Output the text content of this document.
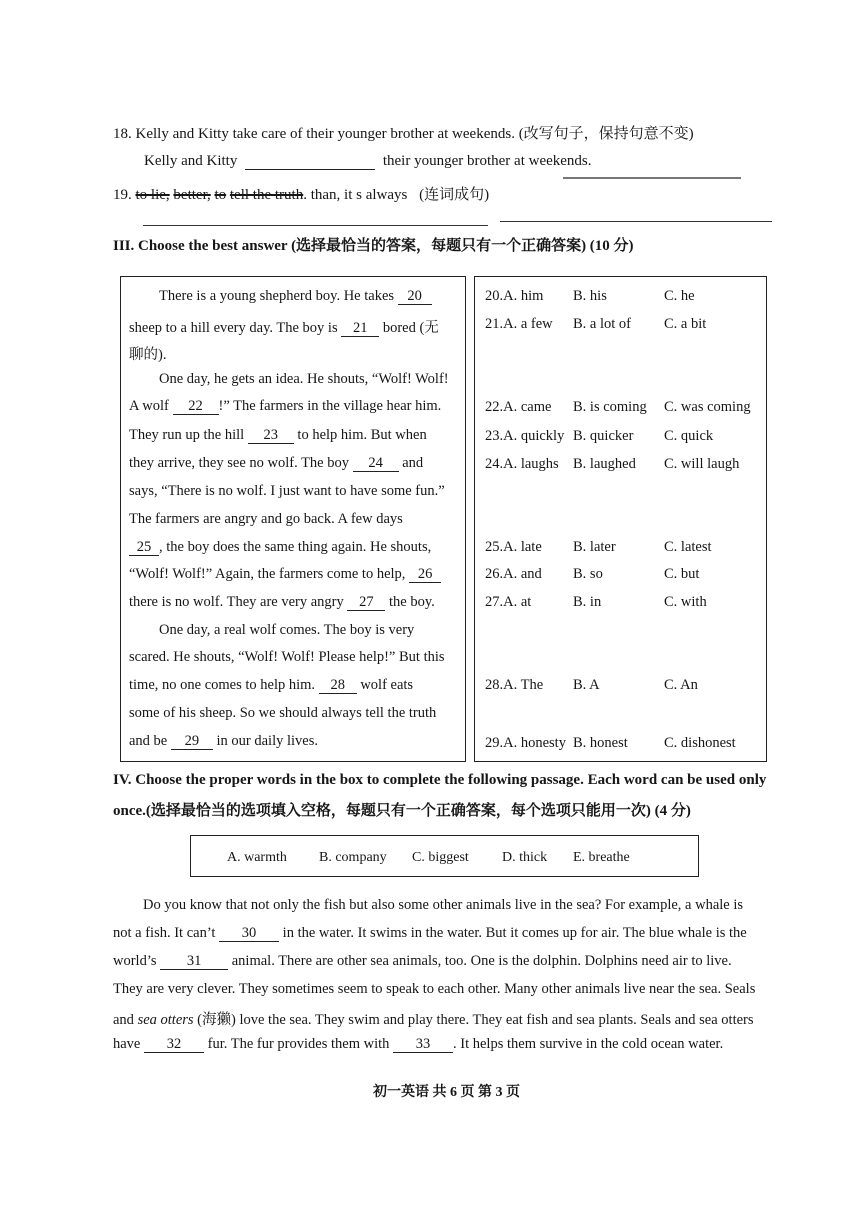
18. Kelly and Kitty take care of their younger brother at weekends. (改写句子，保持句意不变)
Kelly and Kitty	their younger brother at weekends.
19. to lie, better, to tell the truth. than, it s always (连词成句)
III. Choose the best answer (选择最恰当的答案，每题只有一个正确答案) (10 分)
There is a young shepherd boy. He takes 20
sheep to a hill every day. The boy is 21 bored (无
聊的).
One day, he gets an idea. He shouts, “Wolf! Wolf!
A wolf 22 !” The farmers in the village hear him.
They run up the hill 23 to help him. But when
they arrive, they see no wolf. The boy 24 and
says, “There is no wolf. I just want to have some fun.”
The farmers are angry and go back. A few days
25 , the boy does the same thing again. He shouts,
“Wolf! Wolf!” Again, the farmers come to help, 26
there is no wolf. They are very angry 27 the boy.
One day, a real wolf comes. The boy is very
scared. He shouts, “Wolf! Wolf! Please help!” But this
time, no one comes to help him. 28 wolf eats
some of his sheep. So we should always tell the truth
and be 29 in our daily lives.
20.A. him B. his	C. he
21.A. a few B. a lot of C. a bit
22.A. came B. is coming C. was coming
23.A. quickly B. quicker C. quick
24.A. laughs B. laughed C. will laugh
25.A. late B. later	C. latest
26.A. and B. so	C. but
27.A. at	B. in	C. with
28.A. The B. A	C. An
29.A. honesty B. honest C. dishonest
IV. Choose the proper words in the box to complete the following passage. Each word can be used only
once.(选择最恰当的选项填入空格，每题只有一个正确答案，每个选项只能用一次) (4 分)
A. warmth B. company C. biggest D. thick E. breathe
Do you know that not only the fish but also some other animals live in the sea? For example, a whale is
not a fish. It can’t 30 in the water. It swims in the water. But it comes up for air. The blue whale is the
world’s 31 animal. There are other sea animals, too. One is the dolphin. Dolphins need air to live.
They are very clever. They sometimes seem to speak to each other. Many other animals live near the sea. Seals
and sea otters (海獭) love the sea. They swim and play there. They eat fish and sea plants. Seals and sea otters
have 32 fur. The fur provides them with 33 . It helps them survive in the cold ocean water.
初一英语 共 6 页 第 3 页
